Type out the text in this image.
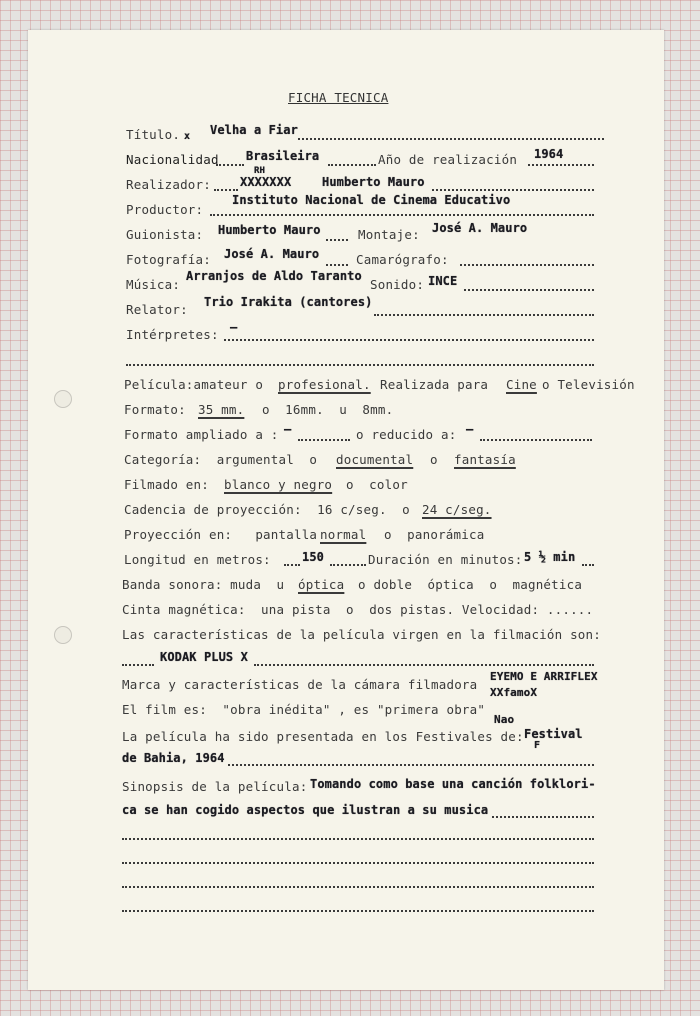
FICHA TECNICA
Título. x Velha a Fiar
Nacionalidad Brasileira	Año de realización 1964
Realizador:
RH
XXXXXXX	Humberto Mauro
Productor:
Instituto Nacional de Cinema Educativo
Guionista: Humberto Mauro	Montaje: José A. Mauro
Fotografía: José A. Mauro	Camarógrafo:
Música:
Arranjos de Aldo Taranto
Sonido: INCE
Relator: Trio Irakita (cantores)
Intérpretes: —
Película:amateur o profesional. Realizada para Cine o Televisión
Formato: 35 mm. o  16mm.  u  8mm.
Formato ampliado a : —	o reducido a: —
Categoría:  argumental  o documental o fantasía
Filmado en: blanco y negro o  color
Cadencia de proyección:  16 c/seg.  o 24 c/seg.
Proyección en:   pantalla normal o  panorámica
Longitud en metros:	150	Duración en minutos: 5 ½ min
Banda sonora: muda  u óptica o doble  óptica  o  magnética
Cinta magnética:  una pista  o  dos pistas. Velocidad: ......
Las características de la película virgen en la filmación son:
KODAK PLUS X
Marca y características de la cámara filmadora
EYEMO E ARRIFLEX
XXfamoX
El film es:  "obra inédita" , es "primera obra"
Nao
La película ha sido presentada en los Festivales de: Festival
F
de Bahia, 1964
Sinopsis de la película: Tomando como base una canción folklori-
ca se han cogido aspectos que ilustran a su musica
